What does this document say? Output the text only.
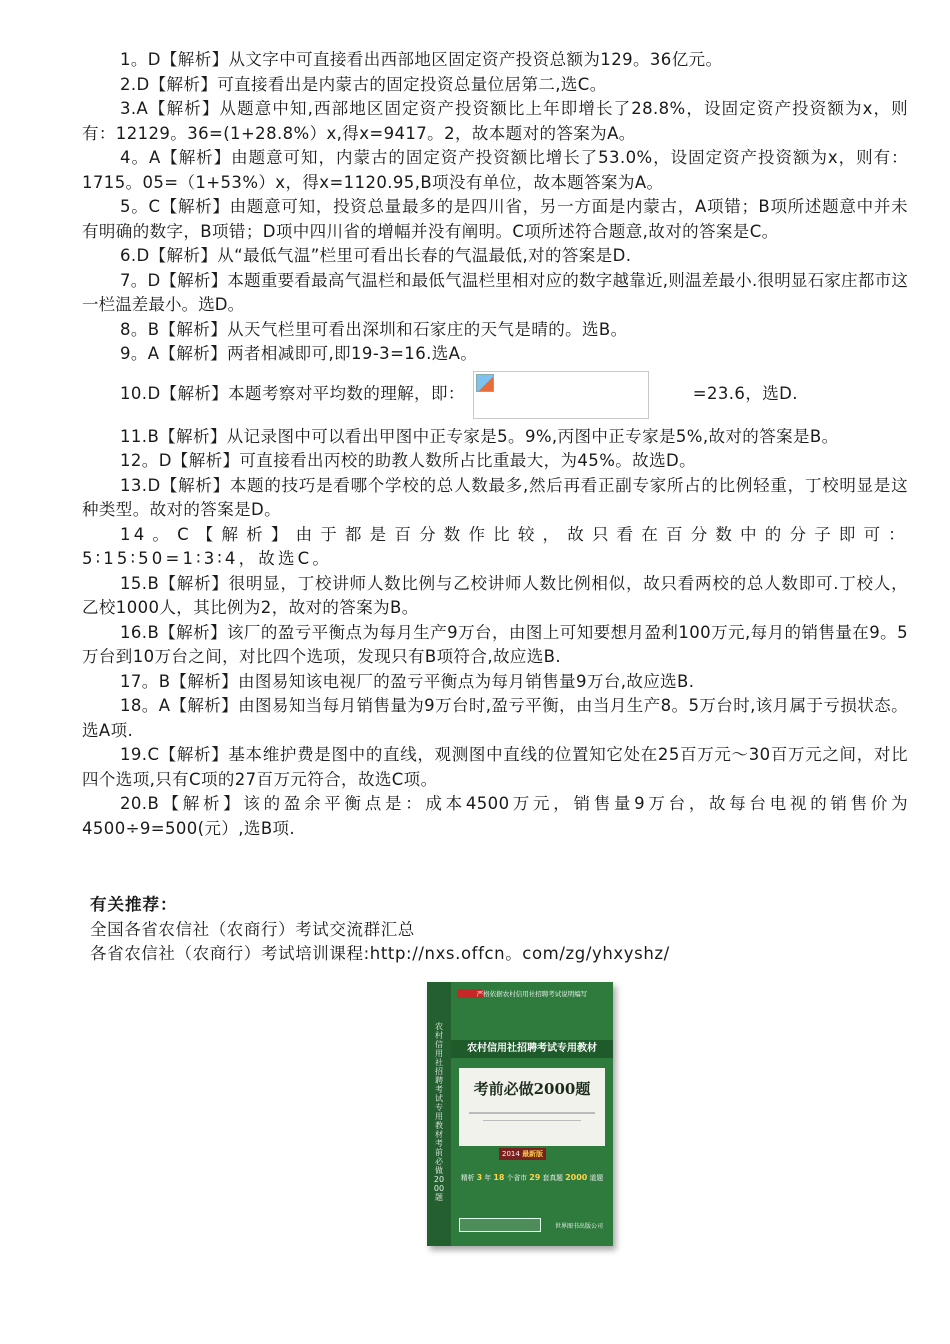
1。D【解析】从文字中可直接看出西部地区固定资产投资总额为129。36亿元。

2.D【解析】可直接看出是内蒙古的固定投资总量位居第二,选C。

3.A【解析】从题意中知,西部地区固定资产投资额比上年即增长了28.8%，设固定资产投资额为x，则有：12129。36=(1+28.8%）x,得x=9417。2，故本题对的答案为A。

4。A【解析】由题意可知，内蒙古的固定资产投资额比增长了53.0%，设固定资产投资额为x，则有：1715。05=（1+53%）x，得x=1120.95,B项没有单位，故本题答案为A。

5。C【解析】由题意可知，投资总量最多的是四川省，另一方面是内蒙古，A项错；B项所述题意中并未有明确的数字，B项错；D项中四川省的增幅并没有阐明。C项所述符合题意,故对的答案是C。

6.D【解析】从“最低气温”栏里可看出长春的气温最低,对的答案是D.

7。D【解析】本题重要看最高气温栏和最低气温栏里相对应的数字越靠近,则温差最小.很明显石家庄都市这一栏温差最小。选D。

8。B【解析】从天气栏里可看出深圳和石家庄的天气是晴的。选B。

9。A【解析】两者相减即可,即19-3=16.选A。

10.D【解析】本题考察对平均数的理解，即：	=23.6，选D.

11.B【解析】从记录图中可以看出甲图中正专家是5。9%,丙图中正专家是5%,故对的答案是B。

12。D【解析】可直接看出丙校的助教人数所占比重最大，为45%。故选D。

13.D【解析】本题的技巧是看哪个学校的总人数最多,然后再看正副专家所占的比例轻重，丁校明显是这种类型。故对的答案是D。

14。C【解析】由于都是百分数作比较，故只看在百分数中的分子即可：5∶15∶50=1∶3∶4，故选C。

15.B【解析】很明显，丁校讲师人数比例与乙校讲师人数比例相似，故只看两校的总人数即可.丁校人，乙校1000人，其比例为2，故对的答案为B。

16.B【解析】该厂的盈亏平衡点为每月生产9万台，由图上可知要想月盈利100万元,每月的销售量在9。5万台到10万台之间，对比四个选项，发现只有B项符合,故应选B.

17。B【解析】由图易知该电视厂的盈亏平衡点为每月销售量9万台,故应选B.

18。A【解析】由图易知当每月销售量为9万台时,盈亏平衡，由当月生产8。5万台时,该月属于亏损状态。选A项.

19.C【解析】基本维护费是图中的直线，观测图中直线的位置知它处在25百万元～30百万元之间，对比四个选项,只有C项的27百万元符合，故选C项。

20.B【解析】该的盈余平衡点是：成本4500万元，销售量9万台，故每台电视的销售价为4500÷9=500(元）,选B项.

有关推荐：
全国各省农信社（农商行）考试交流群汇总
各省农信社（农商行）考试培训课程:http://nxs.offcn。com/zg/yhxyshz/
农村信用社招聘考试专用教材考前必做2000题
严格依据农村信用社招聘考试说明编写
农村信用社招聘考试专用教材
考前必做2000题
2014 最新版
精析 3 年 18 个省市 29 套真题 2000 道题
世界图书出版公司
